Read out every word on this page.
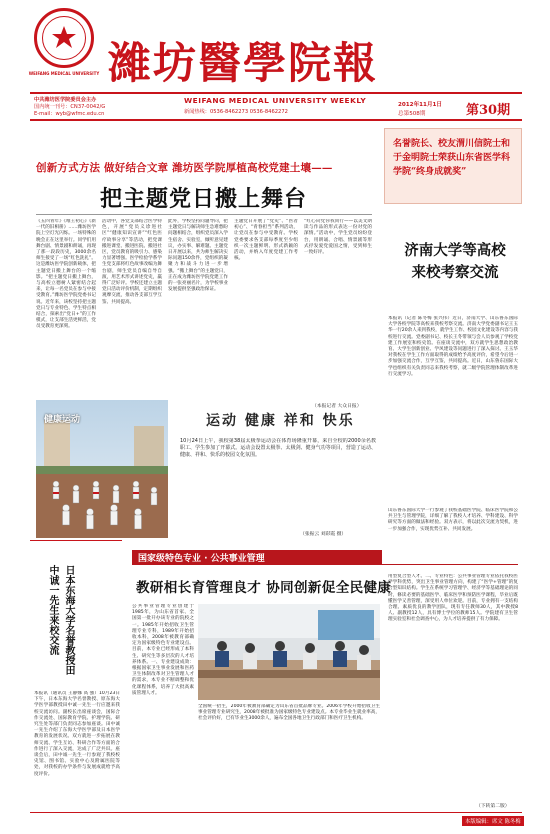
WEIFANG MEDICAL UNIVERSITY 濰坊醫學院報
中共潍坊医学院委员会主办
国内统一刊号：CN37-0042/G
E-mail：wyb@wfmc.edu.cn
WEIFANG MEDICAL UNIVERSITY WEEKLY
新闻热线：0536-8462273 0536-8462272
2012年11月1日
总第508期	第30期
创新方式方法 做好结合文章 潍坊医学院厚植高校党建土壤——
把主题党日搬上舞台
《五四青年》《唯王初心》《新一代的旧相册》……潍坊医学院上空灯光闪烁。一场特殊的晚会正在这里举行。同学们用舞台剧、情景剧和朗诵，再现了那一段段历史，3000余名师生接受了一场“红色洗礼”。这是潍坊医学院创新载体，把主题党日搬上舞台的一个缩影。“把主题党日搬上舞台，与高校立德树人紧密结合起来，让每一名党员在参与中接受教育。”潍坊医学院党委书记说。近年来，该校坚持把主题党日与专业特色、学生特点相结合，探索出“党日+”的工作模式，让支部生活更鲜活，党员受教育更深刻。
活动中，各党支部结合医学特色，开展“党员义诊进社区”“健康知识宣讲”“红色医疗故事分享”等活动，把党课搬进课堂、搬进医院、搬进社区，党员教育的吸引力、感染力显著增强。医学检验学系学生党支部将红色故事改编为舞台剧，师生党员自编自导自演，用艺术形式讲述党史，赢得广泛好评。学校还建立主题党日活动评价机制，定期组织观摩交流，推动各支部互学互鉴、共同提高。
此外，学校坚持问题导向，把主题党日与解决师生急难愁盼问题相结合，组织党员深入学生宿舍、实验室，倾听意见建议，办实事、解难题。主题党日开展以来，共为师生解决实际问题150余件，党组织的凝聚力和战斗力进一步增强。“搬上舞台”的主题党日，正在成为潍坊医学院党建工作的一张亮丽名片，为学校事业发展提供坚强政治保证。
主题党日开展了“党史”、“医者初心”、“青春担当”系列活动，让党员在参与中受教育。学校党委要求各支部每季度至少组织一次主题鲜明、形式新颖的活动，并纳入年度党建工作考核。
“红心向党你我同行——以美文朗读与作品的形式表达一份对党的深情。”活动中，学生党员纷纷登台，用朗诵、合唱、情景剧等形式抒发爱党爱国之情，受到师生一致好评。
（本报记者 大众日报）
名誉院长、校友渭川信院士和于金明院士荣获山东省医学科学院“终身成就奖”
济南大学等高校来校考察交流
本报讯（记者 陈冬梅 张兴伟）近日，济南大学、山东鲁东国际大学各校学院等高校来我校考察交流。济南大学党委副书记王玉华一行20余人来到我校，就学生工作、校园文化建设等内容与我校进行交流。党委副书记、校长王冬带领与会人员参观了学校党建工作展室和校史馆。在座谈交流中，双方就学生思想政治教育、大学生创新创业、学风建设等问题进行了深入探讨。王玉华对我校在学生工作方面取得的成绩给予高度评价，希望今后进一步加强交流合作，互学互鉴，共同提高。近日，山东鲁东国际大学也组织有关负责同志来我校考察，就二级学院管理体制改革进行交流学习。
山东鲁东国际大学一行参观了我校基础医学院、临床医学院和公共卫生与管理学院，详细了解了我校人才培养、学科建设、科学研究等方面的做法和经验。双方表示，将以此次交流为契机，进一步加强合作，实现优势互补、共同发展。
健康运动	运动 健康 祥和 快乐
10月24日上午，我校第38届太极拳运动会在体育场隆重开幕，来自全校的2000余名教职工、学生参加了开幕式。运动会设置太极拳、太极剑、健身气功等项目，营造了运动、健康、祥和、快乐的校园文化氛围。
（张振云 刘彩霞 摄）
日本东海大学名誉教授田中诚一先生来校交流
本报讯（通讯员 王静娜 高 强）10月23日下午，日本东海大学名誉教授、原东海大学医学部教授田中诚一先生一行应邀来我校交流访问。副校长出席座谈会，国际合作交流处、国际教育学院、护理学院、研究生处等部门负责同志参加座谈。田中诚一先生介绍了东海大学医学部及日本医学教育的发展状况。双方就进一步拓展在教师交流、学生互访、科研合作等方面的合作进行了深入交流，达成了广泛共识。座谈会后，田中诚一先生一行参观了我校校史馆、图书馆、实验中心及附属医院等处，对我校的办学条件与发展成就给予高度评价。
国家级特色专业 · 公共事业管理
教研相长育管理良才 协同创新促全民健康
公共事业管理专业创建于1985年，为山东省首家、全国第一批开办该专业的院校之一。1985年开始招收卫生管理专业专科，1989年开始招收本科，2008年被教育部确定为国家级特色专业建设点。目前，本专业已经形成了本科生、研究生等多层次的人才培养体系。一、专业建设成效：根据国家卫生事业发展和医药卫生体制改革对卫生管理人才的需求，本专业不断调整和优化课程体系，培养了大批高素质管理人才。
全国统一招生，2000年被教育部确定为山东省首批品牌专业。2006年学校开始招收卫生事业管理专业研究生，2008年被批准为国家级特色专业建设点。本专业毕业生就业率高，社会评价好，已有毕业生3000余人，遍布全国各地卫生行政部门和医疗卫生机构。
用型复合型人才。二、专业特色：公共事业管理专业依托我校医学学科优势，突出卫生事业管理方向，构建了“医学+管理”的复合型知识结构。学生在系统学习管理学、经济学等基础理论的同时，修读必要的基础医学、临床医学和预防医学课程，毕业后既懂医学又善管理，深受用人单位欢迎。目前，专业拥有一支结构合理、素质优良的教学团队，现有专任教师30人，其中教授8人、副教授12人，具有博士学位的教师15人。学院建有卫生管理实验室和社会调查中心，为人才培养提供了有力保障。
（下转第二版）
本版编辑：席文 陈冬梅
